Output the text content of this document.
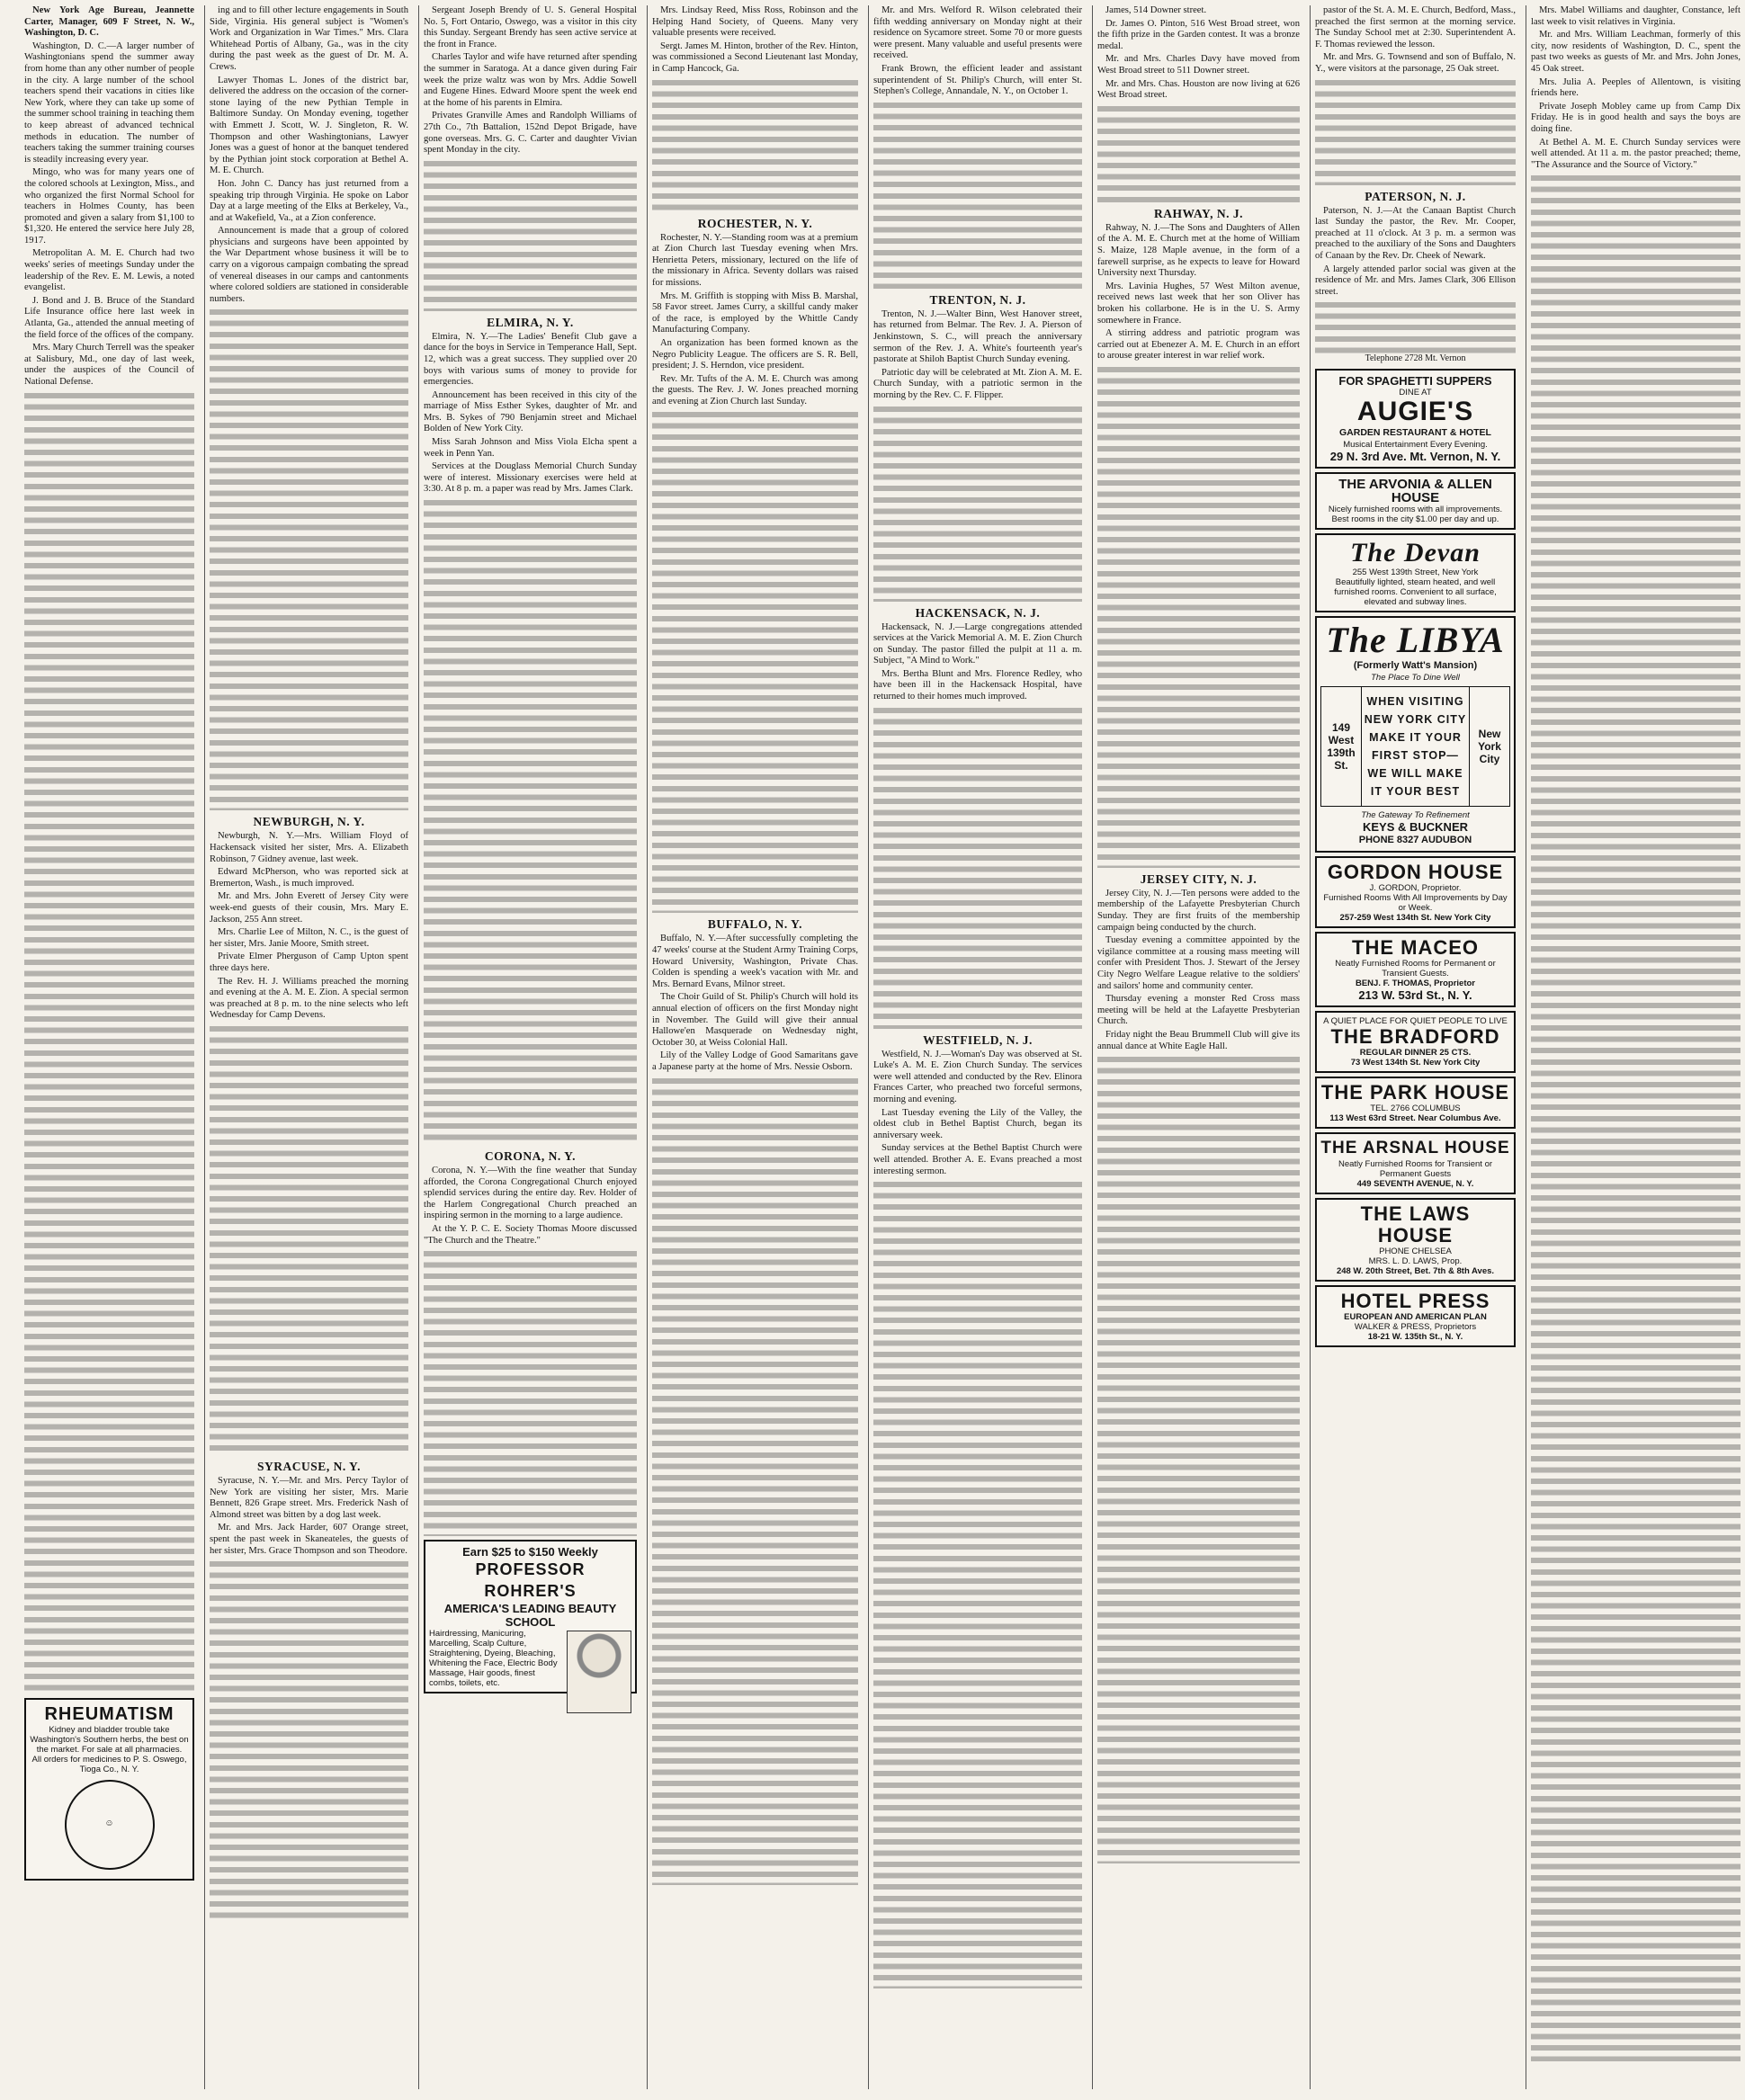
New York Age Bureau, Jeannette Carter, Manager, 609 F Street, N. W., Washington, D. C.

Washington, D. C.—A larger number of Washingtonians spend the summer away from home than any other number of people in the city. A large number of the school teachers spend their vacations in cities like New York, where they can take up some of the summer school training in teaching them to keep abreast of advanced technical methods in education. The number of teachers taking the summer training courses is steadily increasing every year.

Mingo, who was for many years one of the colored schools at Lexington, Miss., and who organized the first Normal School for teachers in Holmes County, has been promoted and given a salary from $1,100 to $1,320. He entered the service here July 28, 1917.

Metropolitan A. M. E. Church had two weeks' series of meetings Sunday under the leadership of the Rev. E. M. Lewis, a noted evangelist.

J. Bond and J. B. Bruce of the Standard Life Insurance office here last week in Atlanta, Ga., attended the annual meeting of the field force of the offices of the company.

Mrs. Mary Church Terrell was the speaker at Salisbury, Md., one day of last week, under the auspices of the Council of National Defense.

RHEUMATISM
Kidney and bladder trouble take Washington's Southern herbs, the best on the market. For sale at all pharmacies.
All orders for medicines to P. S. Oswego, Tioga Co., N. Y.
☺

ing and to fill other lecture engagements in South Side, Virginia. His general subject is "Women's Work and Organization in War Times." Mrs. Clara Whitehead Portis of Albany, Ga., was in the city during the past week as the guest of Dr. M. A. Crews.

Lawyer Thomas L. Jones of the district bar, delivered the address on the occasion of the corner-stone laying of the new Pythian Temple in Baltimore Sunday. On Monday evening, together with Emmett J. Scott, W. J. Singleton, R. W. Thompson and other Washingtonians, Lawyer Jones was a guest of honor at the banquet tendered by the Pythian joint stock corporation at Bethel A. M. E. Church.

Hon. John C. Dancy has just returned from a speaking trip through Virginia. He spoke on Labor Day at a large meeting of the Elks at Berkeley, Va., and at Wakefield, Va., at a Zion conference.

Announcement is made that a group of colored physicians and surgeons have been appointed by the War Department whose business it will be to carry on a vigorous campaign combating the spread of venereal diseases in our camps and cantonments where colored soldiers are stationed in considerable numbers.

NEWBURGH, N. Y.

Newburgh, N. Y.—Mrs. William Floyd of Hackensack visited her sister, Mrs. A. Elizabeth Robinson, 7 Gidney avenue, last week.

Edward McPherson, who was reported sick at Bremerton, Wash., is much improved.

Mr. and Mrs. John Everett of Jersey City were week-end guests of their cousin, Mrs. Mary E. Jackson, 255 Ann street.

Mrs. Charlie Lee of Milton, N. C., is the guest of her sister, Mrs. Janie Moore, Smith street.

Private Elmer Pherguson of Camp Upton spent three days here.

The Rev. H. J. Williams preached the morning and evening at the A. M. E. Zion. A special sermon was preached at 8 p. m. to the nine selects who left Wednesday for Camp Devens.

SYRACUSE, N. Y.

Syracuse, N. Y.—Mr. and Mrs. Percy Taylor of New York are visiting her sister, Mrs. Marie Bennett, 826 Grape street. Mrs. Frederick Nash of Almond street was bitten by a dog last week.

Mr. and Mrs. Jack Harder, 607 Orange street, spent the past week in Skaneateles, the guests of her sister, Mrs. Grace Thompson and son Theodore.

Sergeant Joseph Brendy of U. S. General Hospital No. 5, Fort Ontario, Oswego, was a visitor in this city this Sunday. Sergeant Brendy has seen active service at the front in France.

Charles Taylor and wife have returned after spending the summer in Saratoga. At a dance given during Fair week the prize waltz was won by Mrs. Addie Sowell and Eugene Hines. Edward Moore spent the week end at the home of his parents in Elmira.

Privates Granville Ames and Randolph Williams of 27th Co., 7th Battalion, 152nd Depot Brigade, have gone overseas. Mrs. G. C. Carter and daughter Vivian spent Monday in the city.

ELMIRA, N. Y.

Elmira, N. Y.—The Ladies' Benefit Club gave a dance for the boys in Service in Temperance Hall, Sept. 12, which was a great success. They supplied over 20 boys with various sums of money to provide for emergencies.

Announcement has been received in this city of the marriage of Miss Esther Sykes, daughter of Mr. and Mrs. B. Sykes of 790 Benjamin street and Michael Bolden of New York City.

Miss Sarah Johnson and Miss Viola Elcha spent a week in Penn Yan.

Services at the Douglass Memorial Church Sunday were of interest. Missionary exercises were held at 3:30. At 8 p. m. a paper was read by Mrs. James Clark.

CORONA, N. Y.

Corona, N. Y.—With the fine weather that Sunday afforded, the Corona Congregational Church enjoyed splendid services during the entire day. Rev. Holder of the Harlem Congregational Church preached an inspiring sermon in the morning to a large audience.

At the Y. P. C. E. Society Thomas Moore discussed "The Church and the Theatre."

Earn $25 to $150 Weekly
PROFESSOR ROHRER'S
AMERICA'S LEADING BEAUTY SCHOOL
Hairdressing, Manicuring, Marcelling, Scalp Culture, Straightening, Dyeing, Bleaching, Whitening the Face, Electric Body Massage, Hair goods, finest combs, toilets, etc.

Mrs. Lindsay Reed, Miss Ross, Robinson and the Helping Hand Society, of Queens. Many very valuable presents were received.

Sergt. James M. Hinton, brother of the Rev. Hinton, was commissioned a Second Lieutenant last Monday, in Camp Hancock, Ga.

ROCHESTER, N. Y.

Rochester, N. Y.—Standing room was at a premium at Zion Church last Tuesday evening when Mrs. Henrietta Peters, missionary, lectured on the life of the missionary in Africa. Seventy dollars was raised for missions.

Mrs. M. Griffith is stopping with Miss B. Marshal, 58 Favor street. James Curry, a skillful candy maker of the race, is employed by the Whittle Candy Manufacturing Company.

An organization has been formed known as the Negro Publicity League. The officers are S. R. Bell, president; J. S. Herndon, vice president.

Rev. Mr. Tufts of the A. M. E. Church was among the guests. The Rev. J. W. Jones preached morning and evening at Zion Church last Sunday.

BUFFALO, N. Y.

Buffalo, N. Y.—After successfully completing the 47 weeks' course at the Student Army Training Corps, Howard University, Washington, Private Chas. Colden is spending a week's vacation with Mr. and Mrs. Bernard Evans, Milnor street.

The Choir Guild of St. Philip's Church will hold its annual election of officers on the first Monday night in November. The Guild will give their annual Hallowe'en Masquerade on Wednesday night, October 30, at Weiss Colonial Hall.

Lily of the Valley Lodge of Good Samaritans gave a Japanese party at the home of Mrs. Nessie Osborn.

Mr. and Mrs. Welford R. Wilson celebrated their fifth wedding anniversary on Monday night at their residence on Sycamore street. Some 70 or more guests were present. Many valuable and useful presents were received.

Frank Brown, the efficient leader and assistant superintendent of St. Philip's Church, will enter St. Stephen's College, Annandale, N. Y., on October 1.

TRENTON, N. J.

Trenton, N. J.—Walter Binn, West Hanover street, has returned from Belmar. The Rev. J. A. Pierson of Jenkinstown, S. C., will preach the anniversary sermon of the Rev. J. A. White's fourteenth year's pastorate at Shiloh Baptist Church Sunday evening.

Patriotic day will be celebrated at Mt. Zion A. M. E. Church Sunday, with a patriotic sermon in the morning by the Rev. C. F. Flipper.

HACKENSACK, N. J.

Hackensack, N. J.—Large congregations attended services at the Varick Memorial A. M. E. Zion Church on Sunday. The pastor filled the pulpit at 11 a. m. Subject, "A Mind to Work."

Mrs. Bertha Blunt and Mrs. Florence Redley, who have been ill in the Hackensack Hospital, have returned to their homes much improved.

WESTFIELD, N. J.

Westfield, N. J.—Woman's Day was observed at St. Luke's A. M. E. Zion Church Sunday. The services were well attended and conducted by the Rev. Elinora Frances Carter, who preached two forceful sermons, morning and evening.

Last Tuesday evening the Lily of the Valley, the oldest club in Bethel Baptist Church, began its anniversary week.

Sunday services at the Bethel Baptist Church were well attended. Brother A. E. Evans preached a most interesting sermon.

James, 514 Downer street.

Dr. James O. Pinton, 516 West Broad street, won the fifth prize in the Garden contest. It was a bronze medal.

Mr. and Mrs. Charles Davy have moved from West Broad street to 511 Downer street.

Mr. and Mrs. Chas. Houston are now living at 626 West Broad street.

RAHWAY, N. J.

Rahway, N. J.—The Sons and Daughters of Allen of the A. M. E. Church met at the home of William S. Maize, 128 Maple avenue, in the form of a farewell surprise, as he expects to leave for Howard University next Thursday.

Mrs. Lavinia Hughes, 57 West Milton avenue, received news last week that her son Oliver has broken his collarbone. He is in the U. S. Army somewhere in France.

A stirring address and patriotic program was carried out at Ebenezer A. M. E. Church in an effort to arouse greater interest in war relief work.

JERSEY CITY, N. J.

Jersey City, N. J.—Ten persons were added to the membership of the Lafayette Presbyterian Church Sunday. They are first fruits of the membership campaign being conducted by the church.

Tuesday evening a committee appointed by the vigilance committee at a rousing mass meeting will confer with President Thos. J. Stewart of the Jersey City Negro Welfare League relative to the soldiers' and sailors' home and community center.

Thursday evening a monster Red Cross mass meeting will be held at the Lafayette Presbyterian Church.

Friday night the Beau Brummell Club will give its annual dance at White Eagle Hall.

pastor of the St. A. M. E. Church, Bedford, Mass., preached the first sermon at the morning service. The Sunday School met at 2:30. Superintendent A. F. Thomas reviewed the lesson.

Mr. and Mrs. G. Townsend and son of Buffalo, N. Y., were visitors at the parsonage, 25 Oak street.

PATERSON, N. J.

Paterson, N. J.—At the Canaan Baptist Church last Sunday the pastor, the Rev. Mr. Cooper, preached at 11 o'clock. At 3 p. m. a sermon was preached to the auxiliary of the Sons and Daughters of Canaan by the Rev. Dr. Cheek of Newark.

A largely attended parlor social was given at the residence of Mr. and Mrs. James Clark, 306 Ellison street.

Telephone 2728 Mt. Vernon
FOR SPAGHETTI SUPPERS
DINE AT
AUGIE'S
GARDEN RESTAURANT & HOTEL
Musical Entertainment Every Evening.
29 N. 3rd Ave. Mt. Vernon, N. Y.
THE ARVONIA & ALLEN HOUSE
Nicely furnished rooms with all improvements. Best rooms in the city $1.00 per day and up.
The Devan
255 West 139th Street, New York
Beautifully lighted, steam heated, and well furnished rooms. Convenient to all surface, elevated and subway lines.
The LIBYA
(Formerly Watt's Mansion)
The Place To Dine Well
149 West 139th St.
WHEN VISITING NEW YORK CITY MAKE IT YOUR FIRST STOP— WE WILL MAKE IT YOUR BEST
New York City
The Gateway To Refinement
KEYS & BUCKNER
PHONE 8327 AUDUBON
GORDON HOUSE
J. GORDON, Proprietor.
Furnished Rooms With All Improvements by Day or Week.
257-259 West 134th St. New York City
THE MACEO
Neatly Furnished Rooms for Permanent or Transient Guests.
BENJ. F. THOMAS, Proprietor
213 W. 53rd St., N. Y.
A QUIET PLACE FOR QUIET PEOPLE TO LIVE
THE BRADFORD
REGULAR DINNER 25 CTS.
73 West 134th St. New York City
THE PARK HOUSE
TEL. 2766 COLUMBUS
113 West 63rd Street. Near Columbus Ave.
THE ARSNAL HOUSE
Neatly Furnished Rooms for Transient or Permanent Guests
449 SEVENTH AVENUE, N. Y.
THE LAWS HOUSE
PHONE CHELSEA
MRS. L. D. LAWS, Prop.
248 W. 20th Street, Bet. 7th & 8th Aves.
HOTEL PRESS
EUROPEAN AND AMERICAN PLAN
WALKER & PRESS, Proprietors
18-21 W. 135th St., N. Y.

Mrs. Mabel Williams and daughter, Constance, left last week to visit relatives in Virginia.

Mr. and Mrs. William Leachman, formerly of this city, now residents of Washington, D. C., spent the past two weeks as guests of Mr. and Mrs. John Jones, 45 Oak street.

Mrs. Julia A. Peeples of Allentown, is visiting friends here.

Private Joseph Mobley came up from Camp Dix Friday. He is in good health and says the boys are doing fine.

At Bethel A. M. E. Church Sunday services were well attended. At 11 a. m. the pastor preached; theme, "The Assurance and the Source of Victory."
